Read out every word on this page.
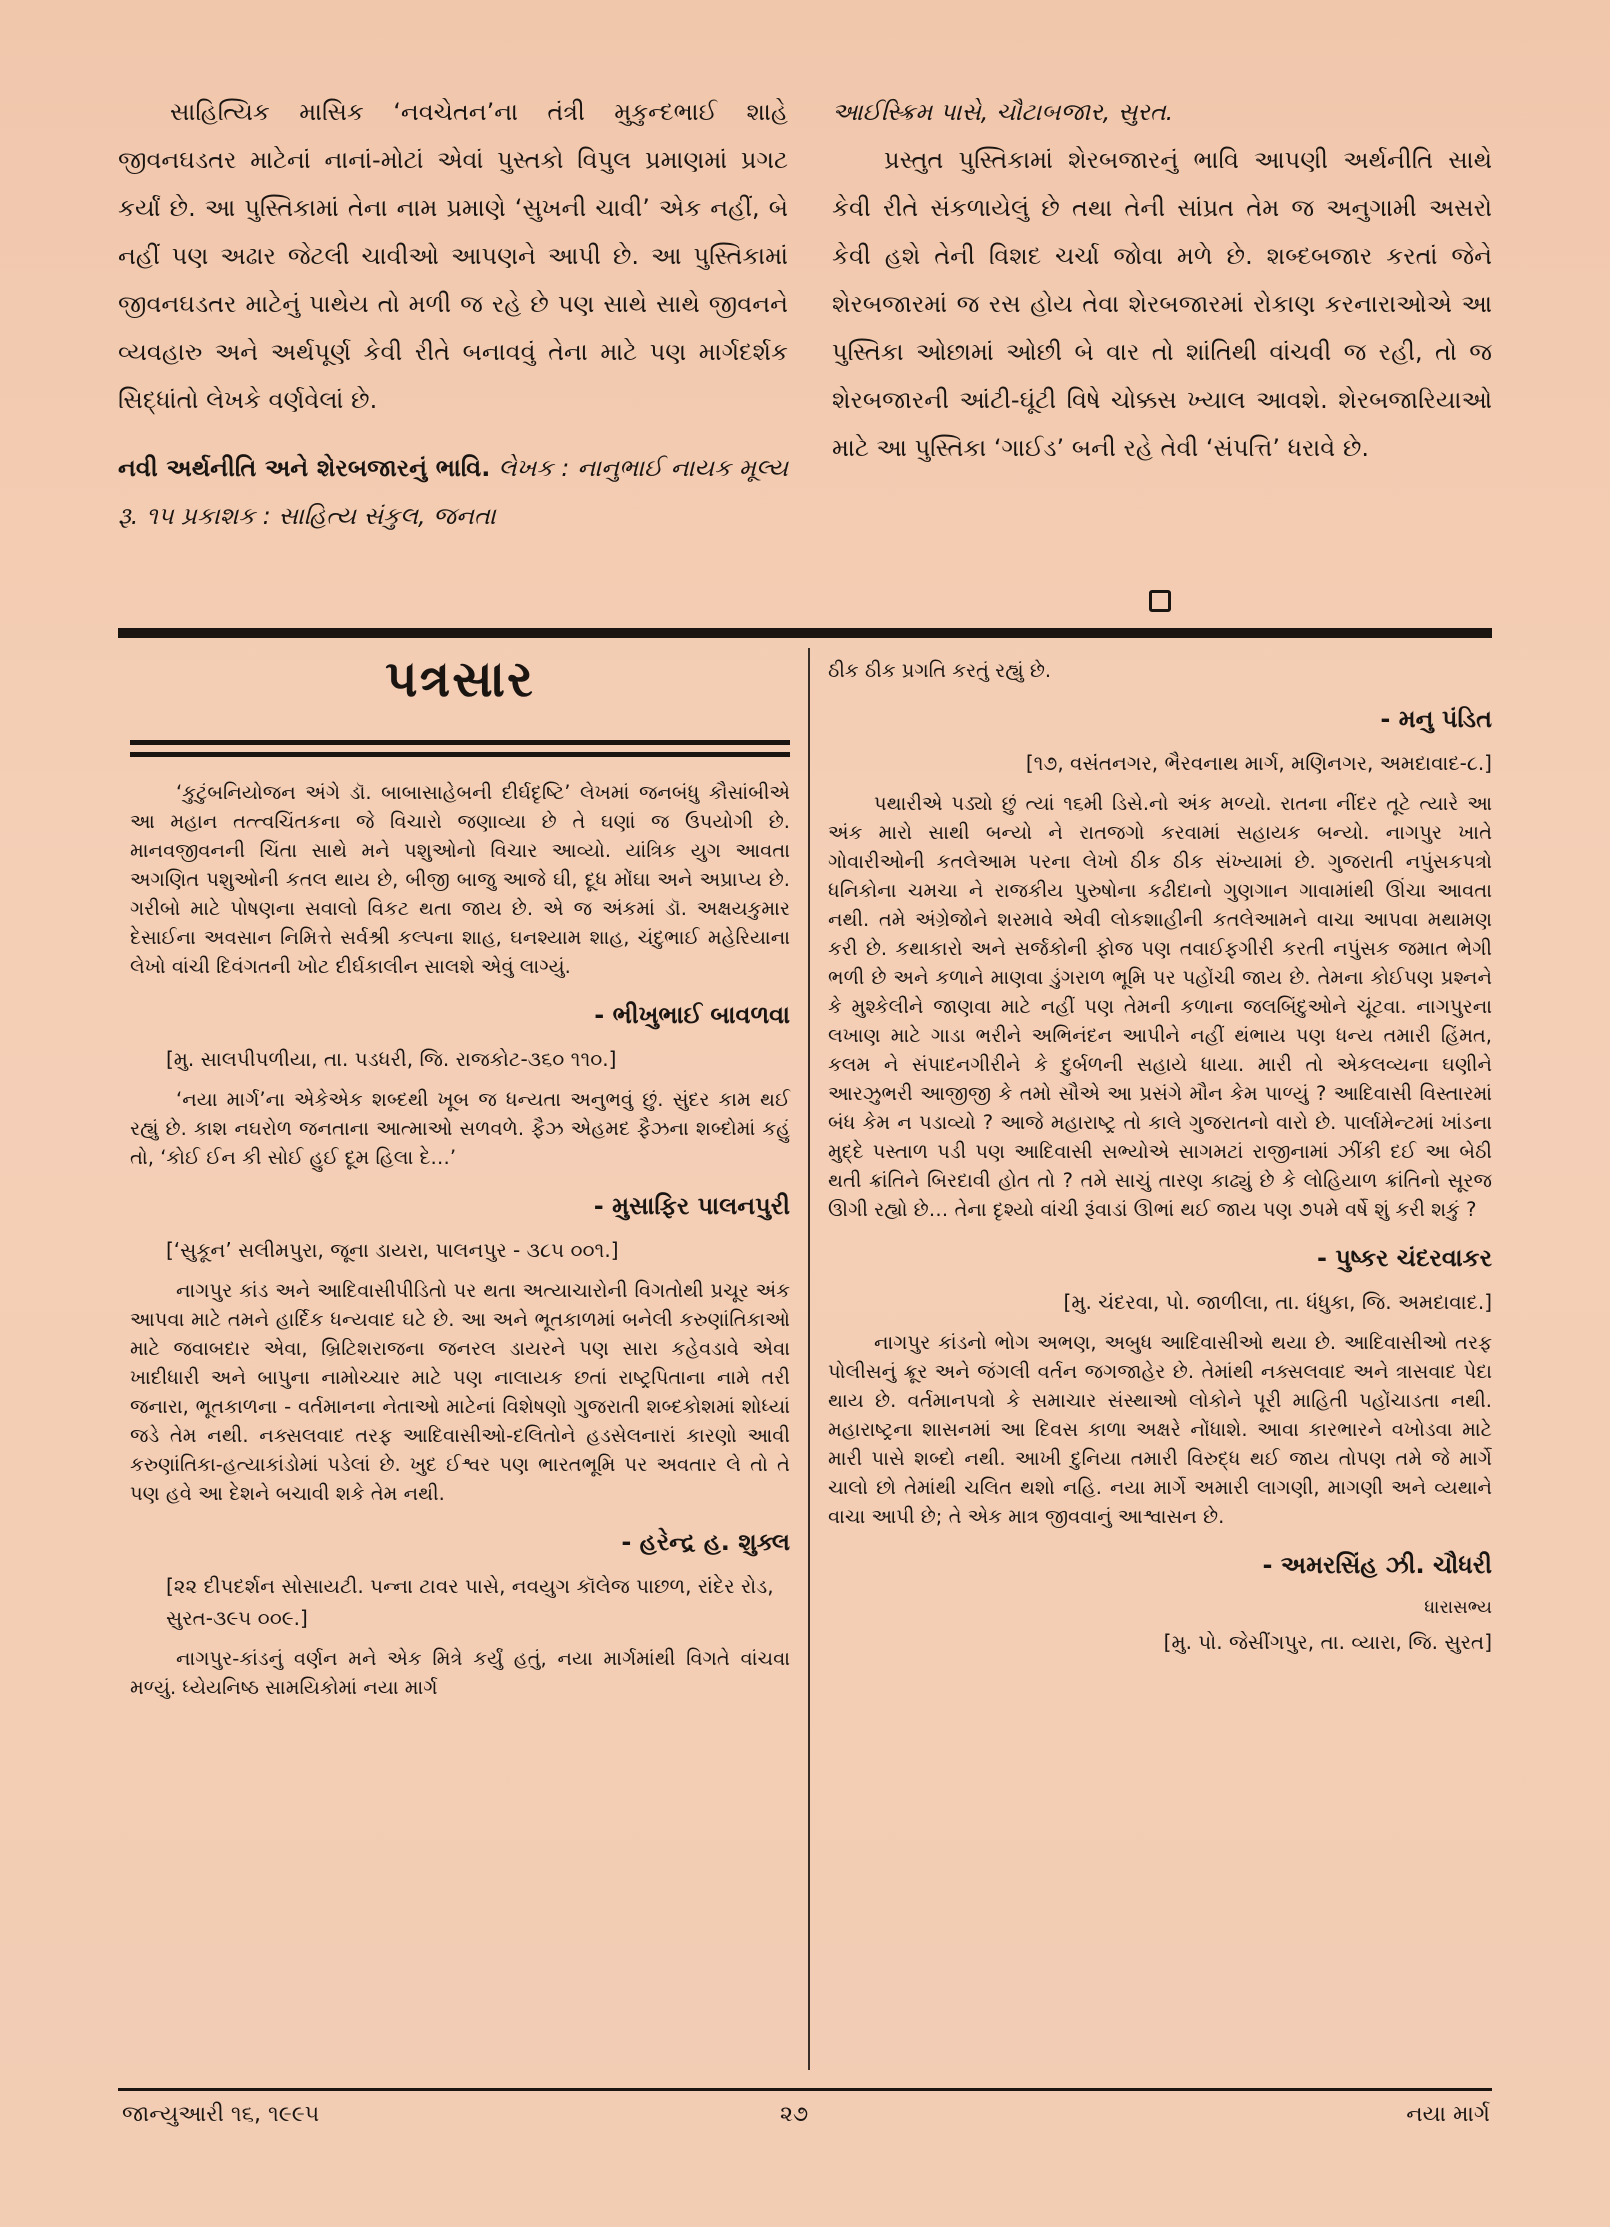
સાહિત્યિક માસિક ‘નવચેતન’ના તંત્રી મુકુન્દભાઈ શાહે જીવનઘડતર માટેનાં નાનાં-મોટાં એવાં પુસ્તકો વિપુલ પ્રમાણમાં પ્રગટ કર્યાં છે. આ પુસ્તિકામાં તેના નામ પ્રમાણે ‘સુખની ચાવી’ એક નહીં, બે નહીં પણ અઢાર જેટલી ચાવીઓ આપણને આપી છે. આ પુસ્તિકામાં જીવનઘડતર માટેનું પાથેય તો મળી જ રહે છે પણ સાથે સાથે જીવનને વ્યવહારુ અને અર્થપૂર્ણ કેવી રીતે બનાવવું તેના માટે પણ માર્ગદર્શક સિદ્ધાંતો લેખકે વર્ણવેલાં છે.

નવી અર્થનીતિ અને શેરબજારનું ભાવિ. લેખક : નાનુભાઈ નાયક મૂલ્ય રૂ. ૧૫ પ્રકાશક : સાહિત્ય સંકુલ, જનતા

આઈસ્ક્રિમ પાસે, ચૌટાબજાર, સુરત.

પ્રસ્તુત પુસ્તિકામાં શેરબજારનું ભાવિ આપણી અર્થનીતિ સાથે કેવી રીતે સંકળાયેલું છે તથા તેની સાંપ્રત તેમ જ અનુગામી અસરો કેવી હશે તેની વિશદ ચર્ચા જોવા મળે છે. શબ્દબજાર કરતાં જેને શેરબજારમાં જ રસ હોય તેવા શેરબજારમાં રોકાણ કરનારાઓએ આ પુસ્તિકા ઓછામાં ઓછી બે વાર તો શાંતિથી વાંચવી જ રહી, તો જ શેરબજારની આંટી-ઘૂંટી વિષે ચોક્કસ ખ્યાલ આવશે. શેરબજારિયાઓ માટે આ પુસ્તિકા ‘ગાઈડ’ બની રહે તેવી ‘સંપત્તિ’ ધરાવે છે.

પત્રસાર

‘કુટુંબનિયોજન અંગે ડૉ. બાબાસાહેબની દીર્ઘદૃષ્ટિ’ લેખમાં જનબંધુ કૌસાંબીએ આ મહાન તત્ત્વચિંતકના જે વિચારો જણાવ્યા છે તે ઘણાં જ ઉપયોગી છે. માનવજીવનની ચિંતા સાથે મને પશુઓનો વિચાર આવ્યો. યાંત્રિક યુગ આવતા અગણિત પશુઓની કતલ થાય છે, બીજી બાજુ આજે ઘી, દૂધ મોંઘા અને અપ્રાપ્ય છે. ગરીબો માટે પોષણના સવાલો વિકટ થતા જાય છે. એ જ અંકમાં ડૉ. અક્ષયકુમાર દેસાઈના અવસાન નિમિત્તે સર્વશ્રી કલ્પના શાહ, ઘનશ્યામ શાહ, ચંદુભાઈ મહેરિયાના લેખો વાંચી દિવંગતની ખોટ દીર્ઘકાલીન સાલશે એવું લાગ્યું.

- ભીખુભાઈ બાવળવા

[મુ. સાલપીપળીયા, તા. પડધરી, જિ. રાજકોટ-૩૬૦ ૧૧૦.]

‘નયા માર્ગ’ના એકેએક શબ્દથી ખૂબ જ ધન્યતા અનુભવું છું. સુંદર કામ થઈ રહ્યું છે. કાશ નઘરોળ જનતાના આત્માઓ સળવળે. ફૈઝ એહમદ ફૈઝના શબ્દોમાં કહું તો, ‘કોઈ ઈન કી સોઈ હુઈ દૂમ હિલા દે…’

- મુસાફિર પાલનપુરી

[‘સુકૂન’ સલીમપુરા, જૂના ડાયરા, પાલનપુર - ૩૮૫ ૦૦૧.]

નાગપુર કાંડ અને આદિવાસીપીડિતો પર થતા અત્યાચારોની વિગતોથી પ્રચૂર અંક આપવા માટે તમને હાર્દિક ધન્યવાદ ઘટે છે. આ અને ભૂતકાળમાં બનેલી કરુણાંતિકાઓ માટે જવાબદાર એવા, બ્રિટિશરાજના જનરલ ડાયરને પણ સારા કહેવડાવે એવા ખાદીધારી અને બાપુના નામોચ્ચાર માટે પણ નાલાયક છતાં રાષ્ટ્રપિતાના નામે તરી જનારા, ભૂતકાળના - વર્તમાનના નેતાઓ માટેનાં વિશેષણો ગુજરાતી શબ્દકોશમાં શોધ્યાં જડે તેમ નથી. નક્સલવાદ તરફ આદિવાસીઓ-દલિતોને હડસેલનારાં કારણો આવી કરુણાંતિકા-હત્યાકાંડોમાં પડેલાં છે. ખુદ ઈશ્વર પણ ભારતભૂમિ પર અવતાર લે તો તે પણ હવે આ દેશને બચાવી શકે તેમ નથી.

- હરેન્દ્ર હ. શુક્લ

[૨૨ દીપદર્શન સોસાયટી. પન્ના ટાવર પાસે, નવયુગ કૉલેજ પાછળ, રાંદેર રોડ, સુરત-૩૯૫ ૦૦૯.]

નાગપુર-કાંડનું વર્ણન મને એક મિત્રે કર્યું હતું, નયા માર્ગમાંથી વિગતે વાંચવા મળ્યું. ધ્યેયનિષ્ઠ સામયિકોમાં નયા માર્ગ

ઠીક ઠીક પ્રગતિ કરતું રહ્યું છે.

- મનુ પંડિત

[૧૭, વસંતનગર, ભૈરવનાથ માર્ગ, મણિનગર, અમદાવાદ-૮.]

પથારીએ પડ્યો છું ત્યાં ૧૬મી ડિસે.નો અંક મળ્યો. રાતના નીંદર તૂટે ત્યારે આ અંક મારો સાથી બન્યો ને રાતજગો કરવામાં સહાયક બન્યો. નાગપુર ખાતે ગોવારીઓની કતલેઆમ પરના લેખો ઠીક ઠીક સંખ્યામાં છે. ગુજરાતી નપુંસકપત્રો ધનિકોના ચમચા ને રાજકીય પુરુષોના કઢીદાનો ગુણગાન ગાવામાંથી ઊંચા આવતા નથી. તમે અંગ્રેજોને શરમાવે એવી લોકશાહીની કતલેઆમને વાચા આપવા મથામણ કરી છે. કથાકારો અને સર્જકોની ફોજ પણ તવાઈફગીરી કરતી નપુંસક જમાત ભેગી ભળી છે અને કળાને માણવા ડુંગરાળ ભૂમિ પર પહોંચી જાય છે. તેમના કોઈપણ પ્રશ્નને કે મુશ્કેલીને જાણવા માટે નહીં પણ તેમની કળાના જલબિંદુઓને ચૂંટવા. નાગપુરના લખાણ માટે ગાડા ભરીને અભિનંદન આપીને નહીં થંભાય પણ ધન્ય તમારી હિંમત, કલમ ને સંપાદનગીરીને કે દુર્બળની સહાયે ધાયા. મારી તો એકલવ્યના ઘણીને આરઝુભરી આજીજી કે તમો સૌએ આ પ્રસંગે મૌન કેમ પાળ્યું ? આદિવાસી વિસ્તારમાં બંધ કેમ ન પડાવ્યો ? આજે મહારાષ્ટ્ર તો કાલે ગુજરાતનો વારો છે. પાર્લામેન્ટમાં ખાંડના મુદ્દે પસ્તાળ પડી પણ આદિવાસી સભ્યોએ સાગમટાં રાજીનામાં ઝીંકી દઈ આ બેઠી થતી ક્રાંતિને બિરદાવી હોત તો ? તમે સાચું તારણ કાઢ્યું છે કે લોહિયાળ ક્રાંતિનો સૂરજ ઊગી રહ્યો છે… તેના દૃશ્યો વાંચી રૂંવાડાં ઊભાં થઈ જાય પણ ૭૫મે વર્ષે શું કરી શકું ?

- પુષ્કર ચંદરવાકર

[મુ. ચંદરવા, પો. જાળીલા, તા. ધંધુકા, જિ. અમદાવાદ.]

નાગપુર કાંડનો ભોગ અભણ, અબુધ આદિવાસીઓ થયા છે. આદિવાસીઓ તરફ પોલીસનું ક્રૂર અને જંગલી વર્તન જગજાહેર છે. તેમાંથી નક્સલવાદ અને ત્રાસવાદ પેદા થાય છે. વર્તમાનપત્રો કે સમાચાર સંસ્થાઓ લોકોને પૂરી માહિતી પહોંચાડતા નથી. મહારાષ્ટ્રના શાસનમાં આ દિવસ કાળા અક્ષરે નોંધાશે. આવા કારભારને વખોડવા માટે મારી પાસે શબ્દો નથી. આખી દુનિયા તમારી વિરુદ્ધ થઈ જાય તોપણ તમે જે માર્ગે ચાલો છો તેમાંથી ચલિત થશો નહિ. નયા માર્ગે અમારી લાગણી, માગણી અને વ્યથાને વાચા આપી છે; તે એક માત્ર જીવવાનું આશ્વાસન છે.

- અમરસિંહ ઝી. ચૌધરી

ધારાસભ્ય

[મુ. પો. જેસીંગપુર, તા. વ્યારા, જિ. સુરત]

જાન્યુઆરી ૧૬, ૧૯૯૫	૨૭	નયા માર્ગ
